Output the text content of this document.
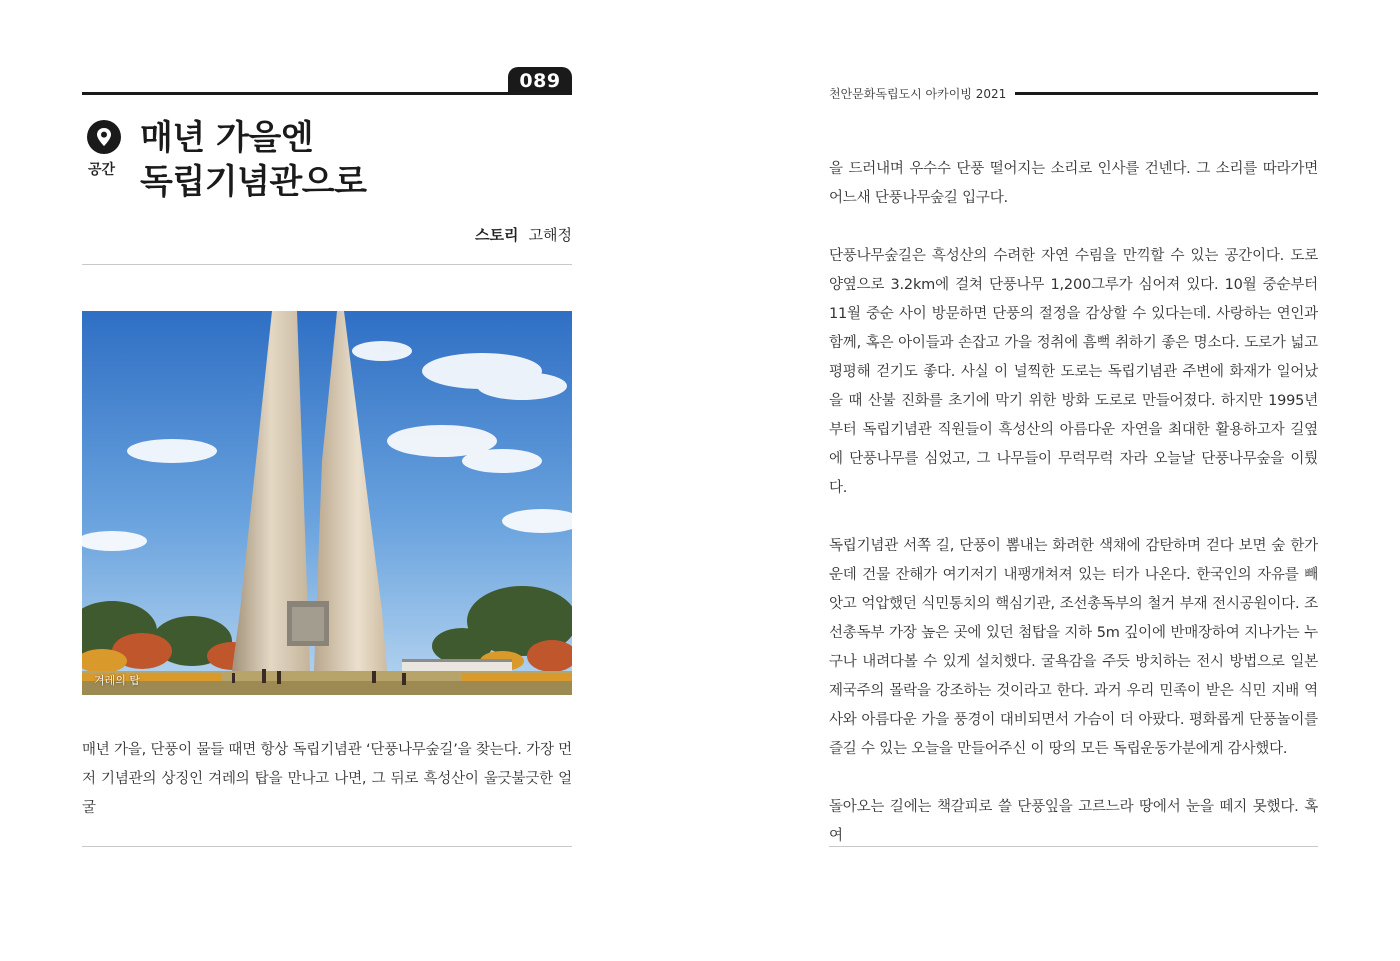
089
공간
매년 가을엔
독립기념관으로
스토리 고해정
겨레의 탑

매년 가을, 단풍이 물들 때면 항상 독립기념관 ‘단풍나무숲길’을 찾는다. 가장 먼저 기념관의 상징인 겨레의 탑을 만나고 나면, 그 뒤로 흑성산이 울긋불긋한 얼굴

천안문화독립도시 아카이빙 2021

을 드러내며 우수수 단풍 떨어지는 소리로 인사를 건넨다. 그 소리를 따라가면 어느새 단풍나무숲길 입구다.

단풍나무숲길은 흑성산의 수려한 자연 수림을 만끽할 수 있는 공간이다. 도로 양옆으로 3.2km에 걸쳐 단풍나무 1,200그루가 심어져 있다. 10월 중순부터 11월 중순 사이 방문하면 단풍의 절정을 감상할 수 있다는데. 사랑하는 연인과 함께, 혹은 아이들과 손잡고 가을 정취에 흠뻑 취하기 좋은 명소다. 도로가 넓고 평평해 걷기도 좋다. 사실 이 널찍한 도로는 독립기념관 주변에 화재가 일어났을 때 산불 진화를 초기에 막기 위한 방화 도로로 만들어졌다. 하지만 1995년부터 독립기념관 직원들이 흑성산의 아름다운 자연을 최대한 활용하고자 길옆에 단풍나무를 심었고, 그 나무들이 무럭무럭 자라 오늘날 단풍나무숲을 이뤘다.

독립기념관 서쪽 길, 단풍이 뽐내는 화려한 색채에 감탄하며 걷다 보면 숲 한가운데 건물 잔해가 여기저기 내팽개쳐져 있는 터가 나온다. 한국인의 자유를 빼앗고 억압했던 식민통치의 핵심기관, 조선총독부의 철거 부재 전시공원이다. 조선총독부 가장 높은 곳에 있던 첨탑을 지하 5m 깊이에 반매장하여 지나가는 누구나 내려다볼 수 있게 설치했다. 굴욕감을 주듯 방치하는 전시 방법으로 일본제국주의 몰락을 강조하는 것이라고 한다. 과거 우리 민족이 받은 식민 지배 역사와 아름다운 가을 풍경이 대비되면서 가슴이 더 아팠다. 평화롭게 단풍놀이를 즐길 수 있는 오늘을 만들어주신 이 땅의 모든 독립운동가분에게 감사했다.

돌아오는 길에는 책갈피로 쓸 단풍잎을 고르느라 땅에서 눈을 떼지 못했다. 혹여
